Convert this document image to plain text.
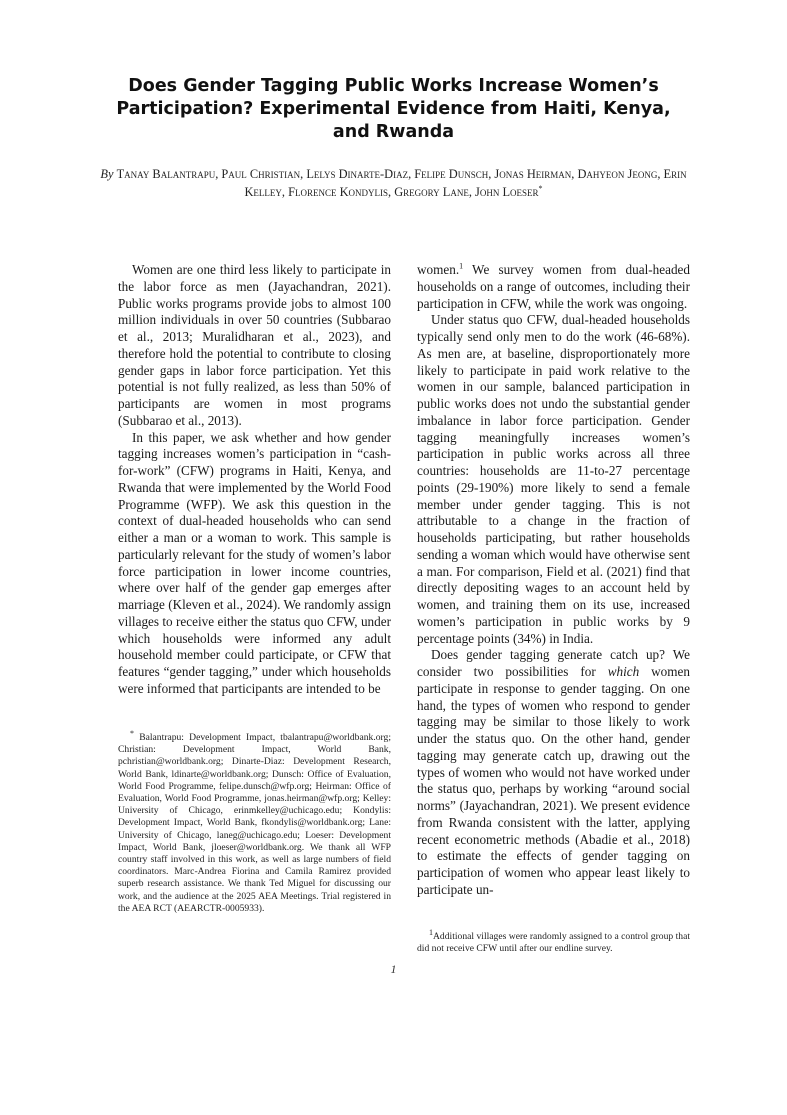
Does Gender Tagging Public Works Increase Women’s Participation? Experimental Evidence from Haiti, Kenya, and Rwanda
By Tanay Balantrapu, Paul Christian, Lelys Dinarte-Diaz, Felipe Dunsch, Jonas Heirman, Dahyeon Jeong, Erin Kelley, Florence Kondylis, Gregory Lane, John Loeser*

Women are one third less likely to participate in the labor force as men (Jayachandran, 2021). Public works programs provide jobs to almost 100 million individuals in over 50 countries (Subbarao et al., 2013; Muralidharan et al., 2023), and therefore hold the potential to contribute to closing gender gaps in labor force participation. Yet this potential is not fully realized, as less than 50% of participants are women in most programs (Subbarao et al., 2013).

In this paper, we ask whether and how gender tagging increases women’s participation in “cash-for-work” (CFW) programs in Haiti, Kenya, and Rwanda that were implemented by the World Food Programme (WFP). We ask this question in the context of dual-headed households who can send either a man or a woman to work. This sample is particularly relevant for the study of women’s labor force participation in lower income countries, where over half of the gender gap emerges after marriage (Kleven et al., 2024). We randomly assign villages to receive either the status quo CFW, under which households were informed any adult household member could participate, or CFW that features “gender tagging,” under which households were informed that participants are intended to be

* Balantrapu: Development Impact, tbalantrapu@worldbank.org; Christian: Development Impact, World Bank, pchristian@worldbank.org; Dinarte-Diaz: Development Research, World Bank, ldinarte@worldbank.org; Dunsch: Office of Evaluation, World Food Programme, felipe.dunsch@wfp.org; Heirman: Office of Evaluation, World Food Programme, jonas.heirman@wfp.org; Kelley: University of Chicago, erinmkelley@uchicago.edu; Kondylis: Development Impact, World Bank, fkondylis@worldbank.org; Lane: University of Chicago, laneg@uchicago.edu; Loeser: Development Impact, World Bank, jloeser@worldbank.org. We thank all WFP country staff involved in this work, as well as large numbers of field coordinators. Marc-Andrea Fiorina and Camila Ramirez provided superb research assistance. We thank Ted Miguel for discussing our work, and the audience at the 2025 AEA Meetings. Trial registered in the AEA RCT (AEARCTR-0005933).

women.$^1$ We survey women from dual-headed households on a range of outcomes, including their participation in CFW, while the work was ongoing.

Under status quo CFW, dual-headed households typically send only men to do the work (46-68%). As men are, at baseline, disproportionately more likely to participate in paid work relative to the women in our sample, balanced participation in public works does not undo the substantial gender imbalance in labor force participation. Gender tagging meaningfully increases women’s participation in public works across all three countries: households are 11-to-27 percentage points (29-190%) more likely to send a female member under gender tagging. This is not attributable to a change in the fraction of households participating, but rather households sending a woman which would have otherwise sent a man. For comparison, Field et al. (2021) find that directly depositing wages to an account held by women, and training them on its use, increased women’s participation in public works by 9 percentage points (34%) in India.

Does gender tagging generate catch up? We consider two possibilities for which women participate in response to gender tagging. On one hand, the types of women who respond to gender tagging may be similar to those likely to work under the status quo. On the other hand, gender tagging may generate catch up, drawing out the types of women who would not have worked under the status quo, perhaps by working “around social norms” (Jayachandran, 2021). We present evidence from Rwanda consistent with the latter, applying recent econometric methods (Abadie et al., 2018) to estimate the effects of gender tagging on participation of women who appear least likely to participate un-

$^1$Additional villages were randomly assigned to a control group that did not receive CFW until after our endline survey.

1
